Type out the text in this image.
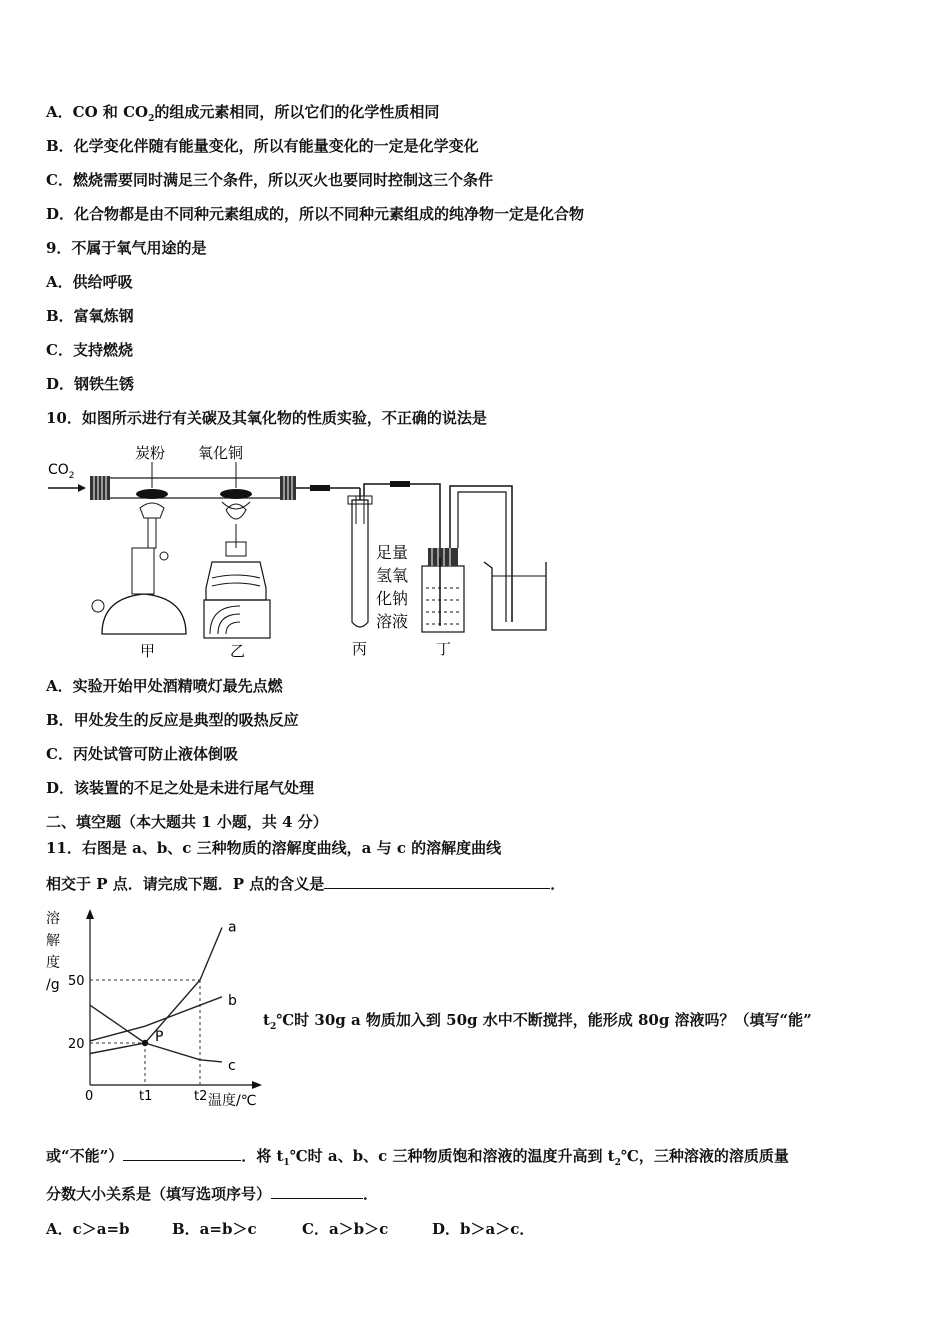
A．CO 和 $CO_2$的组成元素相同，所以它们的化学性质相同
B．化学变化伴随有能量变化，所以有能量变化的一定是化学变化
C．燃烧需要同时满足三个条件，所以灭火也要同时控制这三个条件
D．化合物都是由不同种元素组成的，所以不同种元素组成的纯净物一定是化合物
9．不属于氧气用途的是
A．供给呼吸
B．富氧炼钢
C．支持燃烧
D．钢铁生锈
10．如图所示进行有关碳及其氧化物的性质实验，不正确的说法是
$CO_2$
炭粉 氧化铜
甲	乙	丙
足量
氢氧
化钠
溶液
丁
A．实验开始甲处酒精喷灯最先点燃
B．甲处发生的反应是典型的吸热反应
C．丙处试管可防止液体倒吸
D．该装置的不足之处是未进行尾气处理
二、填空题（本大题共 1 小题，共 4 分）
11．右图是 a、b、c 三种物质的溶解度曲线，a 与 c 的溶解度曲线
相交于 P 点．请完成下题．P 点的含义是	．
溶
解
度
/g
a
b
c
P
20
50
t1	t2
0	温度/℃
$t_2℃$时 30g a 物质加入到 50g 水中不断搅拌，能形成 80g 溶液吗？（填写“能”
或“不能”）	．将 $t_1℃$时 a、b、c 三种物质饱和溶液的温度升高到 $t_2℃$，三种溶液的溶质质量
分数大小关系是（填写选项序号）	．
A．c＞a=b	B．a=b＞c	C．a＞b＞c	D．b＞a＞c．
